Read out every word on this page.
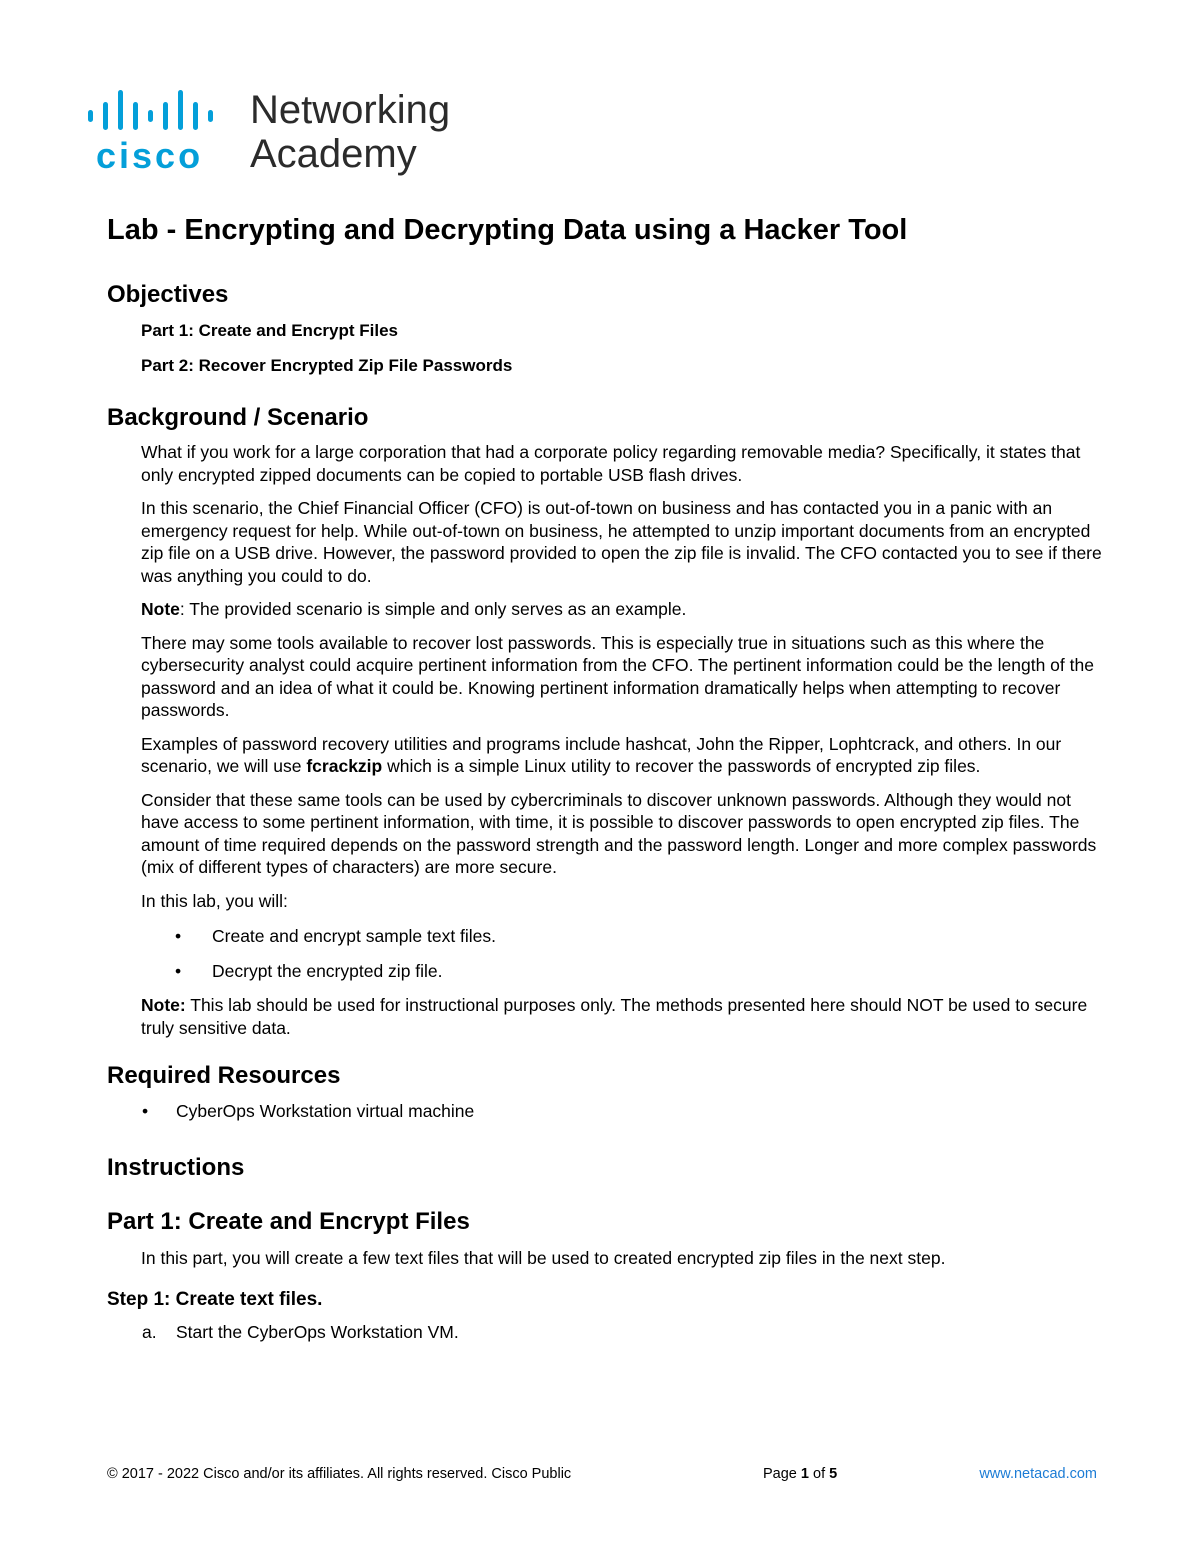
cisco
Networking
Academy
Lab - Encrypting and Decrypting Data using a Hacker Tool
Objectives
Part 1: Create and Encrypt Files
Part 2: Recover Encrypted Zip File Passwords
Background / Scenario

What if you work for a large corporation that had a corporate policy regarding removable media? Specifically, it states that only encrypted zipped documents can be copied to portable USB flash drives.

In this scenario, the Chief Financial Officer (CFO) is out-of-town on business and has contacted you in a panic with an emergency request for help. While out-of-town on business, he attempted to unzip important documents from an encrypted zip file on a USB drive. However, the password provided to open the zip file is invalid. The CFO contacted you to see if there was anything you could to do.

Note: The provided scenario is simple and only serves as an example.

There may some tools available to recover lost passwords. This is especially true in situations such as this where the cybersecurity analyst could acquire pertinent information from the CFO. The pertinent information could be the length of the password and an idea of what it could be. Knowing pertinent information dramatically helps when attempting to recover passwords.

Examples of password recovery utilities and programs include hashcat, John the Ripper, Lophtcrack, and others. In our scenario, we will use fcrackzip which is a simple Linux utility to recover the passwords of encrypted zip files.

Consider that these same tools can be used by cybercriminals to discover unknown passwords. Although they would not have access to some pertinent information, with time, it is possible to discover passwords to open encrypted zip files. The amount of time required depends on the password strength and the password length. Longer and more complex passwords (mix of different types of characters) are more secure.

In this lab, you will:

• Create and encrypt sample text files.
• Decrypt the encrypted zip file.

Note: This lab should be used for instructional purposes only. The methods presented here should NOT be used to secure truly sensitive data.

Required Resources
• CyberOps Workstation virtual machine
Instructions
Part 1: Create and Encrypt Files

In this part, you will create a few text files that will be used to created encrypted zip files in the next step.

Step 1: Create text files.
a. Start the CyberOps Workstation VM.
© 2017 - 2022 Cisco and/or its affiliates. All rights reserved. Cisco Public	Page 1 of 5	www.netacad.com
